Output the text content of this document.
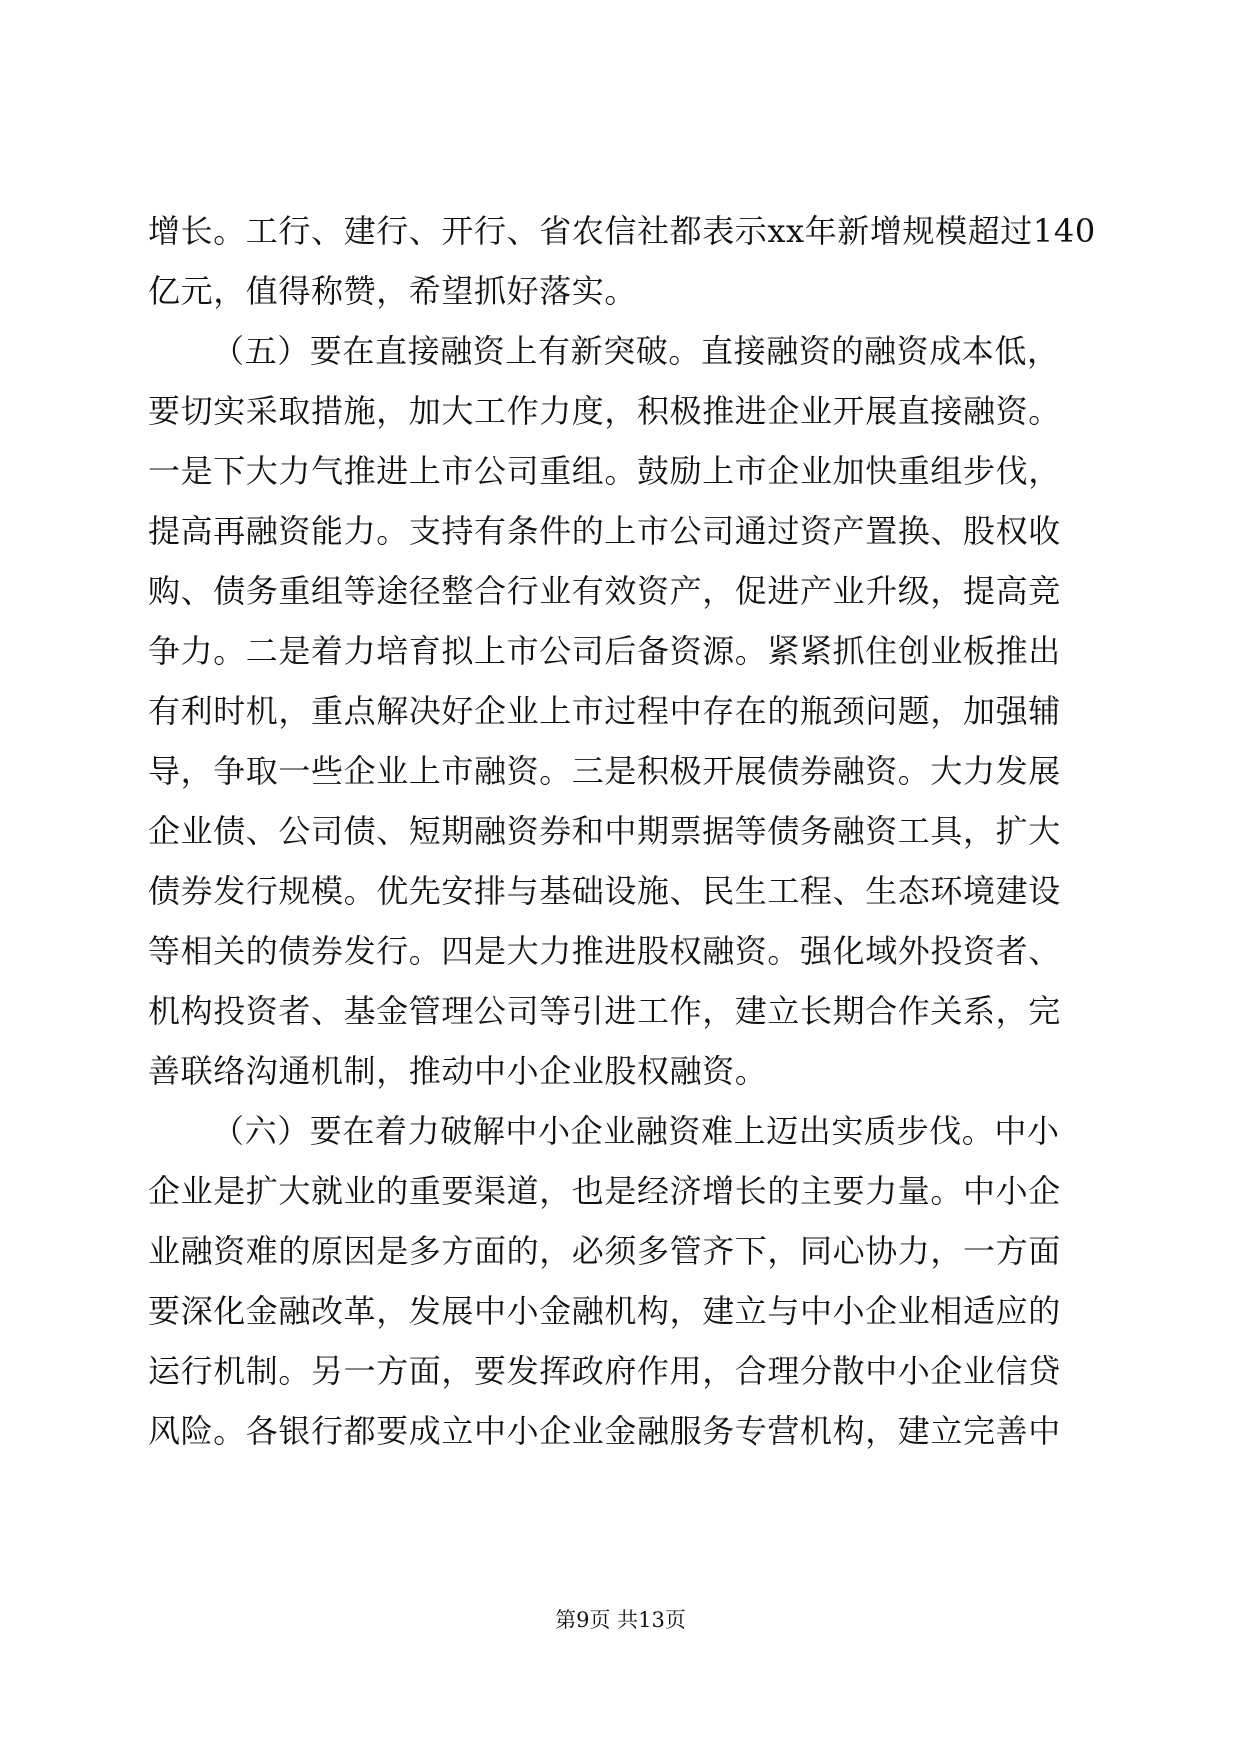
增长。工行、建行、开行、省农信社都表示xx年新增规模超过140
亿元，值得称赞，希望抓好落实。
（五）要在直接融资上有新突破。直接融资的融资成本低，
要切实采取措施，加大工作力度，积极推进企业开展直接融资。
一是下大力气推进上市公司重组。鼓励上市企业加快重组步伐，
提高再融资能力。支持有条件的上市公司通过资产置换、股权收
购、债务重组等途径整合行业有效资产，促进产业升级，提高竞
争力。二是着力培育拟上市公司后备资源。紧紧抓住创业板推出
有利时机，重点解决好企业上市过程中存在的瓶颈问题，加强辅
导，争取一些企业上市融资。三是积极开展债券融资。大力发展
企业债、公司债、短期融资券和中期票据等债务融资工具，扩大
债券发行规模。优先安排与基础设施、民生工程、生态环境建设
等相关的债券发行。四是大力推进股权融资。强化域外投资者、
机构投资者、基金管理公司等引进工作，建立长期合作关系，完
善联络沟通机制，推动中小企业股权融资。
（六）要在着力破解中小企业融资难上迈出实质步伐。中小
企业是扩大就业的重要渠道，也是经济增长的主要力量。中小企
业融资难的原因是多方面的，必须多管齐下，同心协力，一方面
要深化金融改革，发展中小金融机构，建立与中小企业相适应的
运行机制。另一方面，要发挥政府作用，合理分散中小企业信贷
风险。各银行都要成立中小企业金融服务专营机构，建立完善中
第9页 共13页
